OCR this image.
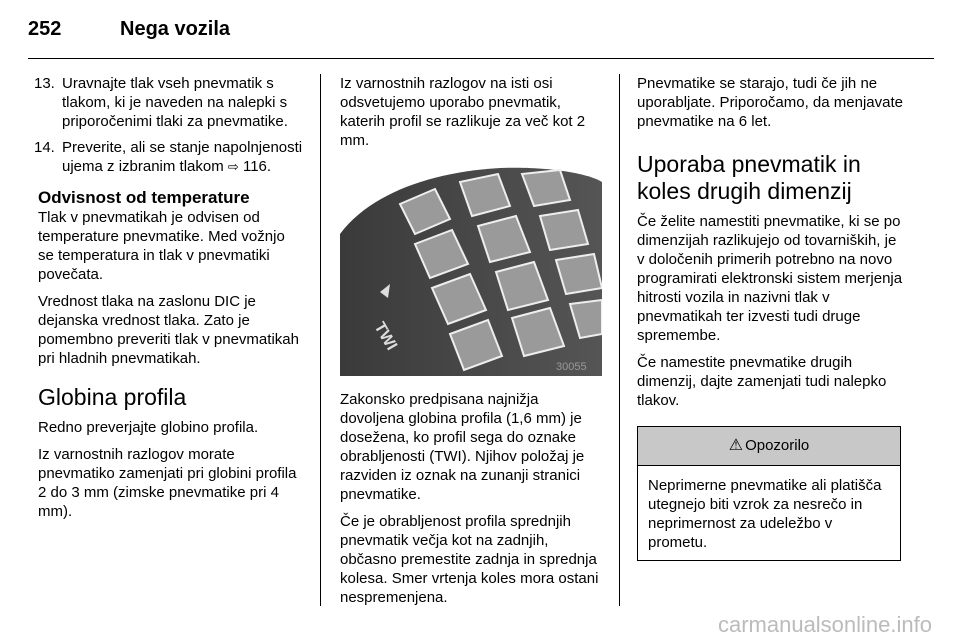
252	Nega vozila
13. Uravnajte tlak vseh pnevmatik s tlakom, ki je naveden na nalepki s priporočenimi tlaki za pnevmatike.
14. Preverite, ali se stanje napolnjenosti ujema z izbranim tlakom ⇨ 116.
Odvisnost od temperature

Tlak v pnevmatikah je odvisen od temperature pnevmatike. Med vožnjo se temperatura in tlak v pnevmatiki povečata.

Vrednost tlaka na zaslonu DIC je dejanska vrednost tlaka. Zato je pomembno preveriti tlak v pnevmatikah pri hladnih pnevmatikah.

Globina profila

Redno preverjajte globino profila.

Iz varnostnih razlogov morate pnevmatiko zamenjati pri globini profila 2 do 3 mm (zimske pnevmatike pri 4 mm).

Iz varnostnih razlogov na isti osi odsvetujemo uporabo pnevmatik, katerih profil se razlikuje za več kot 2 mm.

TWI
30055

Zakonsko predpisana najnižja dovoljena globina profila (1,6 mm) je dosežena, ko profil sega do oznake obrabljenosti (TWI). Njihov položaj je razviden iz oznak na zunanji stranici pnevmatike.

Če je obrabljenost profila sprednjih pnevmatik večja kot na zadnjih, občasno premestite zadnja in sprednja kolesa. Smer vrtenja koles mora ostani nespremenjena.

Pnevmatike se starajo, tudi če jih ne uporabljate. Priporočamo, da menjavate pnevmatike na 6 let.

Uporaba pnevmatik in koles drugih dimenzij

Če želite namestiti pnevmatike, ki se po dimenzijah razlikujejo od tovarniških, je v določenih primerih potrebno na novo programirati elektronski sistem merjenja hitrosti vozila in nazivni tlak v pnevmatikah ter izvesti tudi druge spremembe.

Če namestite pnevmatike drugih dimenzij, dajte zamenjati tudi nalepko tlakov.

⚠ Opozorilo
Neprimerne pnevmatike ali platišča utegnejo biti vzrok za nesrečo in neprimernost za udeležbo v prometu.
carmanualsonline.info
